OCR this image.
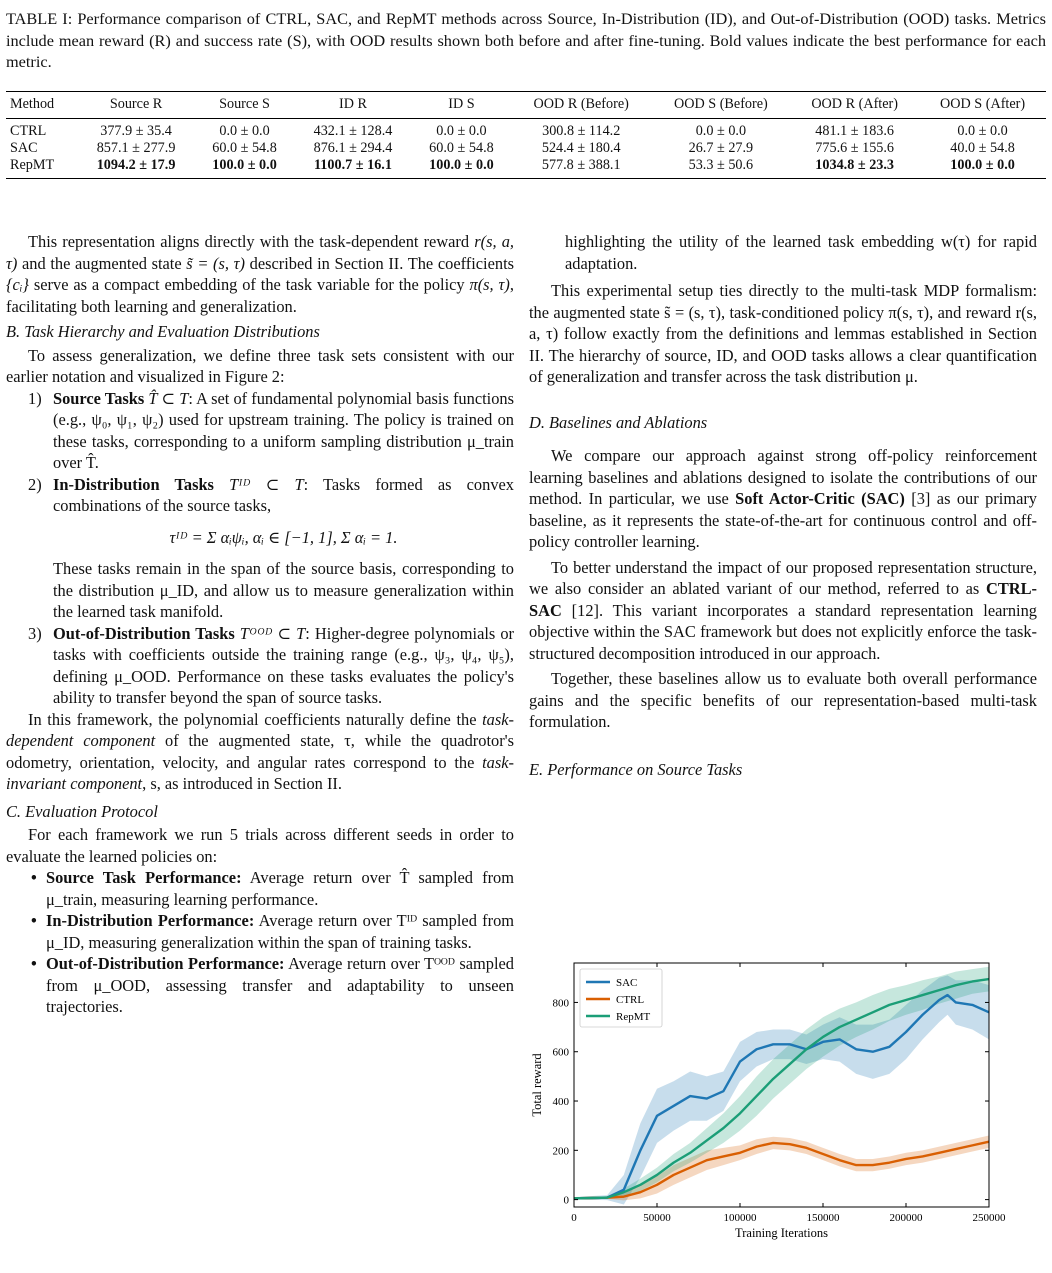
TABLE I: Performance comparison of CTRL, SAC, and RepMT methods across Source, In-Distribution (ID), and Out-of-Distribution (OOD) tasks. Metrics include mean reward (R) and success rate (S), with OOD results shown both before and after fine-tuning. Bold values indicate the best performance for each metric.
Method	Source R	Source S	ID R	ID S	OOD R (Before)	OOD S (Before)	OOD R (After)	OOD S (After)
CTRL	377.9 ± 35.4	0.0 ± 0.0	432.1 ± 128.4	0.0 ± 0.0	300.8 ± 114.2	0.0 ± 0.0	481.1 ± 183.6	0.0 ± 0.0
SAC	857.1 ± 277.9	60.0 ± 54.8	876.1 ± 294.4	60.0 ± 54.8	524.4 ± 180.4	26.7 ± 27.9	775.6 ± 155.6	40.0 ± 54.8
RepMT	1094.2 ± 17.9	100.0 ± 0.0	1100.7 ± 16.1	100.0 ± 0.0	577.8 ± 388.1	53.3 ± 50.6	1034.8 ± 23.3	100.0 ± 0.0

This representation aligns directly with the task-dependent reward r(s, a, τ) and the augmented state s̃ = (s, τ) described in Section II. The coefficients {cᵢ} serve as a compact embedding of the task variable for the policy π(s, τ), facilitating both learning and generalization.

B. Task Hierarchy and Evaluation Distributions

To assess generalization, we define three task sets consistent with our earlier notation and visualized in Figure 2:

1) Source Tasks T̂ ⊂ T: A set of fundamental polynomial basis functions (e.g., ψ₀, ψ₁, ψ₂) used for upstream training. The policy is trained on these tasks, corresponding to a uniform sampling distribution μ_train over T̂.
2) In-Distribution Tasks Tᴵᴰ ⊂ T: Tasks formed as convex combinations of the source tasks,
τᴵᴰ = Σ αᵢψᵢ, αᵢ ∈ [−1, 1], Σ αᵢ = 1.
These tasks remain in the span of the source basis, corresponding to the distribution μ_ID, and allow us to measure generalization within the learned task manifold.
3) Out-of-Distribution Tasks Tᴼᴼᴰ ⊂ T: Higher-degree polynomials or tasks with coefficients outside the training range (e.g., ψ₃, ψ₄, ψ₅), defining μ_OOD. Performance on these tasks evaluates the policy's ability to transfer beyond the span of source tasks.

In this framework, the polynomial coefficients naturally define the task-dependent component of the augmented state, τ, while the quadrotor's odometry, orientation, velocity, and angular rates correspond to the task-invariant component, s, as introduced in Section II.

C. Evaluation Protocol

For each framework we run 5 trials across different seeds in order to evaluate the learned policies on:

• Source Task Performance: Average return over T̂ sampled from μ_train, measuring learning performance.
• In-Distribution Performance: Average return over Tᴵᴰ sampled from μ_ID, measuring generalization within the span of training tasks.
• Out-of-Distribution Performance: Average return over Tᴼᴼᴰ sampled from μ_OOD, assessing transfer and adaptability to unseen trajectories.

highlighting the utility of the learned task embedding w(τ) for rapid adaptation.

This experimental setup ties directly to the multi-task MDP formalism: the augmented state s̃ = (s, τ), task-conditioned policy π(s, τ), and reward r(s, a, τ) follow exactly from the definitions and lemmas established in Section II. The hierarchy of source, ID, and OOD tasks allows a clear quantification of generalization and transfer across the task distribution μ.

D. Baselines and Ablations

We compare our approach against strong off-policy reinforcement learning baselines and ablations designed to isolate the contributions of our method. In particular, we use Soft Actor-Critic (SAC) [3] as our primary baseline, as it represents the state-of-the-art for continuous control and off-policy controller learning.

To better understand the impact of our proposed representation structure, we also consider an ablated variant of our method, referred to as CTRL-SAC [12]. This variant incorporates a standard representation learning objective within the SAC framework but does not explicitly enforce the task-structured decomposition introduced in our approach.

Together, these baselines allow us to evaluate both overall performance gains and the specific benefits of our representation-based multi-task formulation.

E. Performance on Source Tasks

0	50000	100000	150000	200000	250000
0
200
400
600
800
Training Iterations
Total reward
SAC
CTRL
RepMT
